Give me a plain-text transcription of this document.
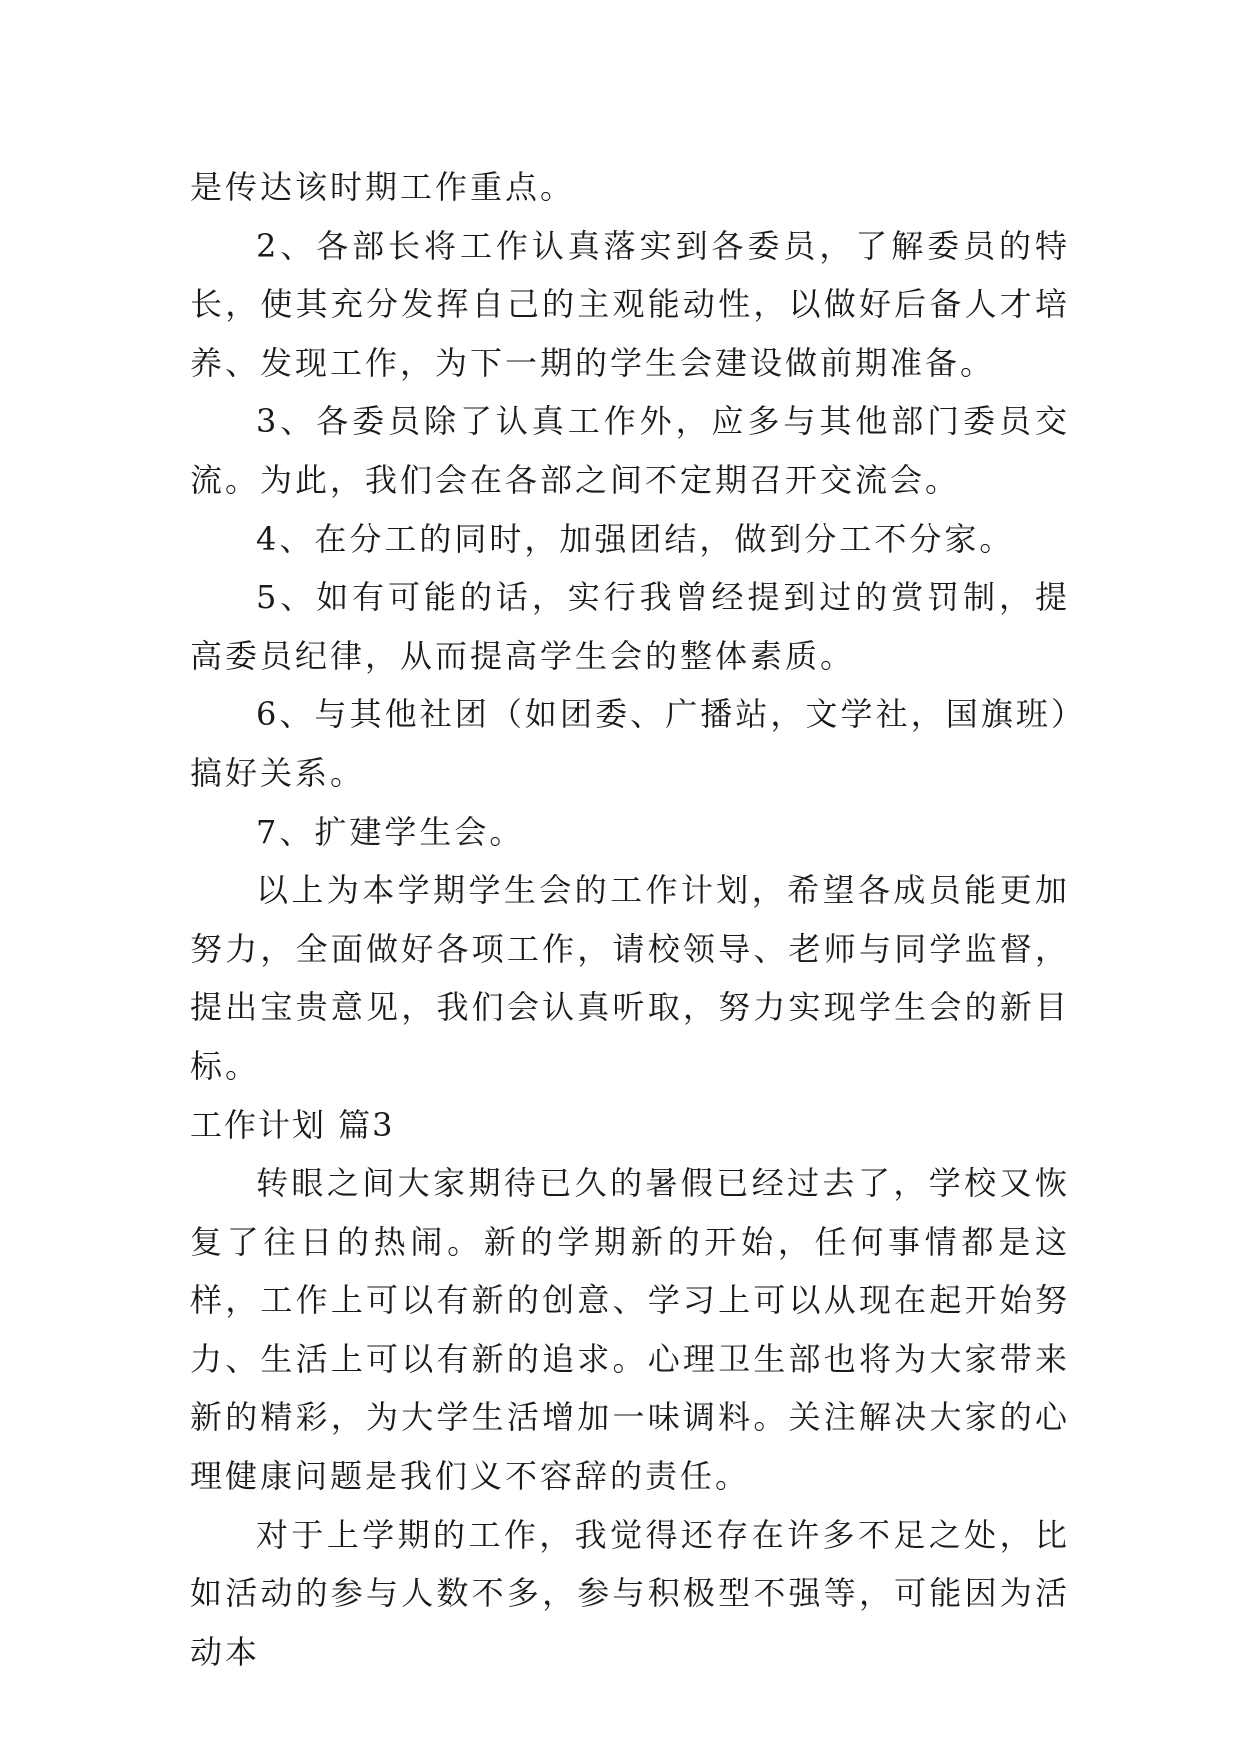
是传达该时期工作重点。

2、各部长将工作认真落实到各委员，了解委员的特长，使其充分发挥自己的主观能动性，以做好后备人才培养、发现工作，为下一期的学生会建设做前期准备。

3、各委员除了认真工作外，应多与其他部门委员交流。为此，我们会在各部之间不定期召开交流会。

4、在分工的同时，加强团结，做到分工不分家。

5、如有可能的话，实行我曾经提到过的赏罚制，提高委员纪律，从而提高学生会的整体素质。

6、与其他社团（如团委、广播站，文学社，国旗班）搞好关系。

7、扩建学生会。

以上为本学期学生会的工作计划，希望各成员能更加努力，全面做好各项工作，请校领导、老师与同学监督，提出宝贵意见，我们会认真听取，努力实现学生会的新目标。

工作计划 篇3

转眼之间大家期待已久的暑假已经过去了，学校又恢复了往日的热闹。新的学期新的开始，任何事情都是这样，工作上可以有新的创意、学习上可以从现在起开始努力、生活上可以有新的追求。心理卫生部也将为大家带来新的精彩，为大学生活增加一味调料。关注解决大家的心理健康问题是我们义不容辞的责任。

对于上学期的工作，我觉得还存在许多不足之处，比如活动的参与人数不多，参与积极型不强等，可能因为活动本
